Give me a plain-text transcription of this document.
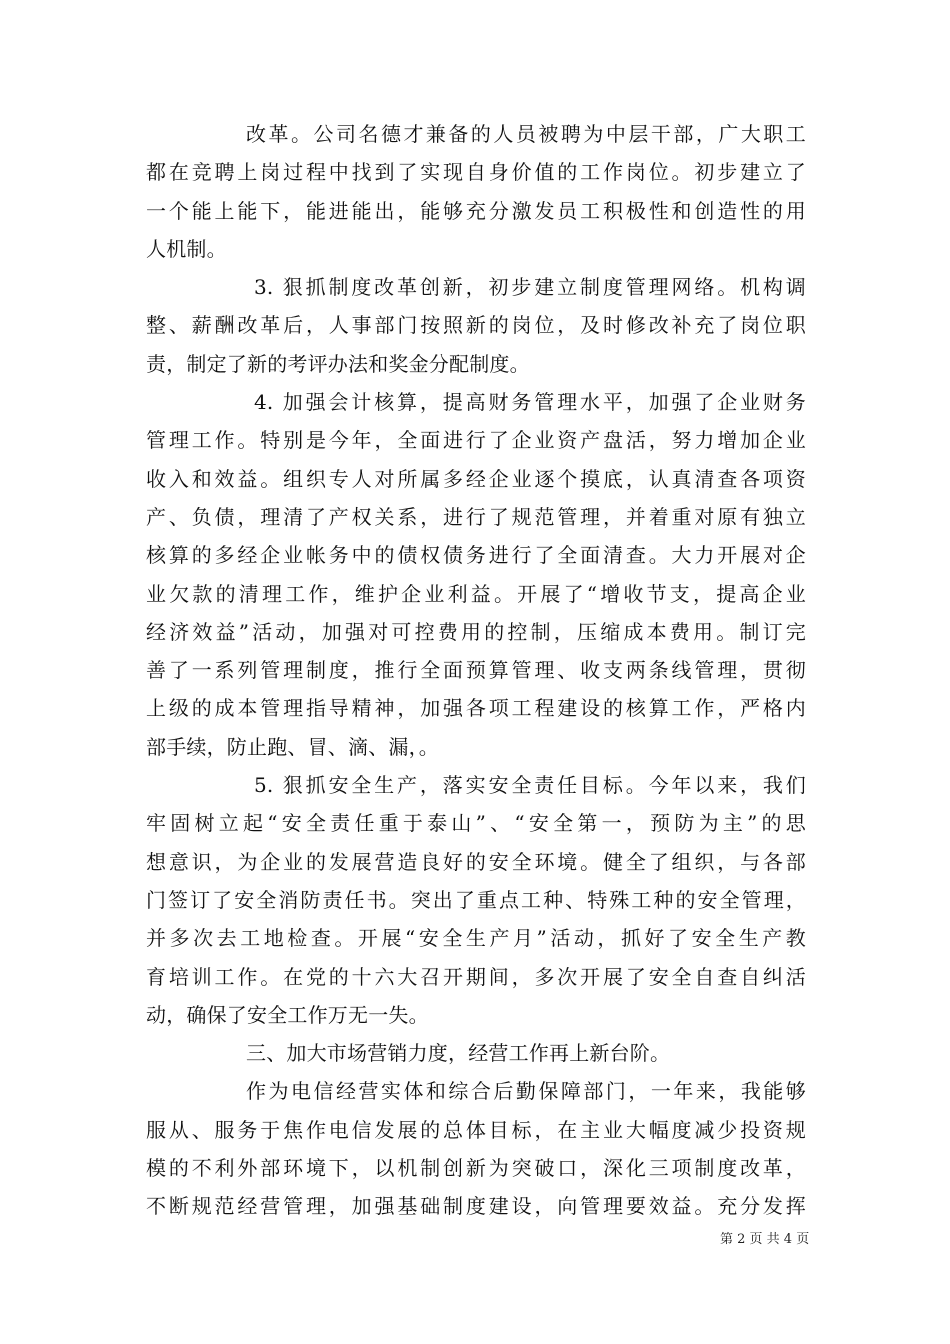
改革。公司名德才兼备的人员被聘为中层干部，广大职工
都在竞聘上岗过程中找到了实现自身价值的工作岗位。初步建立了
一个能上能下，能进能出，能够充分激发员工积极性和创造性的用
人机制。
3. 狠抓制度改革创新，初步建立制度管理网络。机构调
整、薪酬改革后，人事部门按照新的岗位，及时修改补充了岗位职
责，制定了新的考评办法和奖金分配制度。
4. 加强会计核算，提高财务管理水平，加强了企业财务
管理工作。特别是今年，全面进行了企业资产盘活，努力增加企业
收入和效益。组织专人对所属多经企业逐个摸底，认真清查各项资
产、负债，理清了产权关系，进行了规范管理，并着重对原有独立
核算的多经企业帐务中的债权债务进行了全面清查。大力开展对企
业欠款的清理工作，维护企业利益。开展了“增收节支，提高企业
经济效益”活动，加强对可控费用的控制，压缩成本费用。制订完
善了一系列管理制度，推行全面预算管理、收支两条线管理，贯彻
上级的成本管理指导精神，加强各项工程建设的核算工作，严格内
部手续，防止跑、冒、滴、漏，。
5. 狠抓安全生产，落实安全责任目标。今年以来，我们
牢固树立起“安全责任重于泰山”、“安全第一，预防为主”的思
想意识，为企业的发展营造良好的安全环境。健全了组织，与各部
门签订了安全消防责任书。突出了重点工种、特殊工种的安全管理，
并多次去工地检查。开展“安全生产月”活动，抓好了安全生产教
育培训工作。在党的十六大召开期间，多次开展了安全自查自纠活
动，确保了安全工作万无一失。
三、加大市场营销力度，经营工作再上新台阶。
作为电信经营实体和综合后勤保障部门，一年来，我能够
服从、服务于焦作电信发展的总体目标，在主业大幅度减少投资规
模的不利外部环境下，以机制创新为突破口，深化三项制度改革，
不断规范经营管理，加强基础制度建设，向管理要效益。充分发挥
第 2 页 共 4 页
